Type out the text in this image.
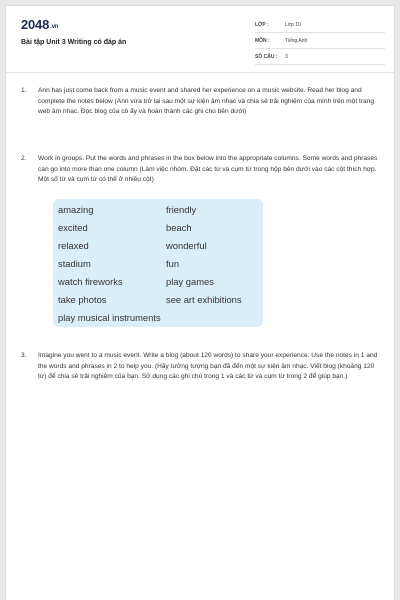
2048.vn
Bài tập Unit 3 Writing có đáp án
LỚP :	Lớp 10
MÔN :	Tiếng Anh
SỐ CÂU : 3
1. Ann has just come back from a music event and shared her experience on a music website. Read her blog and complete the notes below (Ann vừa trở lại sau một sự kiện âm nhạc và chia sẻ trải nghiệm của mình trên một trang web âm nhạc. Đọc blog của cô ấy và hoàn thành các ghi chú bên dưới)
2. Work in groups. Put the words and phrases in the box below into the appropriate columns. Some words and phrases can go into more than one column (Làm việc nhóm. Đặt các từ và cụm từ trong hộp bên dưới vào các cột thích hợp. Một số từ và cụm từ có thể ở nhiều cột)
amazing
excited
relaxed
stadium
watch fireworks
take photos
play musical instruments
friendly
beach
wonderful
fun
play games
see art exhibitions
3. Imagine you went to a music event. Write a blog (about 120 words) to share your experience. Use the notes in 1 and the words and phrases in 2 to help you. (Hãy tưởng tượng bạn đã đến một sự kiện âm nhạc. Viết blog (khoảng 120 từ) để chia sẻ trải nghiệm của bạn. Sử dụng các ghi chú trong 1 và các từ và cụm từ trong 2 để giúp bạn.)
